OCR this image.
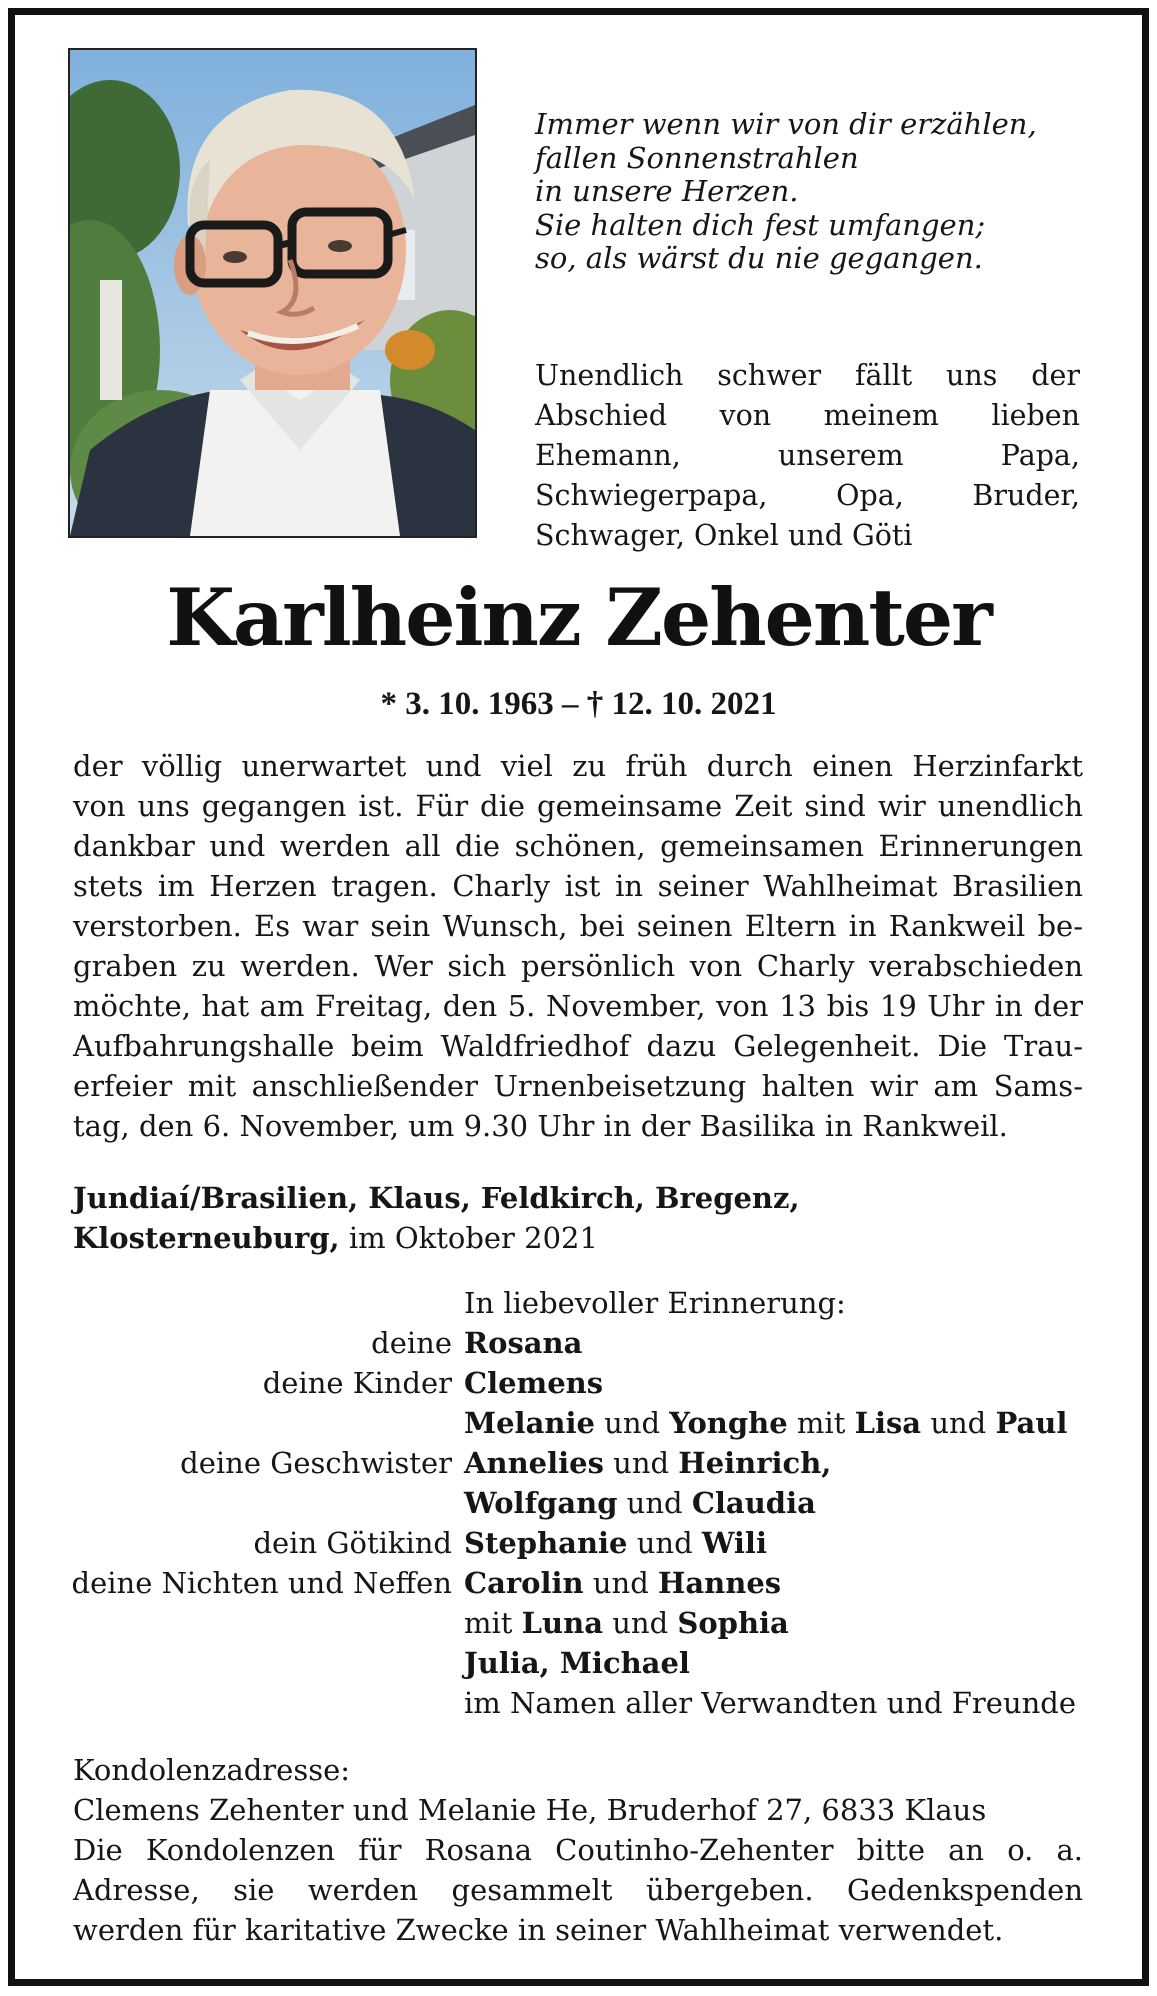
Immer wenn wir von dir erzählen,
fallen Sonnenstrahlen
in unsere Herzen.
Sie halten dich fest umfangen;
so, als wärst du nie gegangen.
Unendlich schwer fällt uns der Abschied von meinem lieben Ehemann, unserem Papa, Schwiegerpapa, Opa, Bruder, Schwager, Onkel und Göti
Karlheinz Zehenter
* 3. 10. 1963 – † 12. 10. 2021
der völlig unerwartet und viel zu früh durch einen Herzinfarkt
von uns gegangen ist. Für die gemeinsame Zeit sind wir unendlich
dankbar und werden all die schönen, gemeinsamen Erinnerungen
stets im Herzen tragen. Charly ist in seiner Wahlheimat Brasilien
verstorben. Es war sein Wunsch, bei seinen Eltern in Rankweil be-
graben zu werden. Wer sich persönlich von Charly verabschieden
möchte, hat am Freitag, den 5. November, von 13 bis 19 Uhr in der
Aufbahrungshalle beim Waldfriedhof dazu Gelegenheit. Die Trau-
erfeier mit anschließender Urnenbeisetzung halten wir am Sams-
tag, den 6. November, um 9.30 Uhr in der Basilika in Rankweil.
Jundiaí/Brasilien, Klaus, Feldkirch, Bregenz,
Klosterneuburg, im Oktober 2021
In liebevoller Erinnerung:
deine Rosana
deine Kinder Clemens
Melanie und Yonghe mit Lisa und Paul
deine Geschwister Annelies und Heinrich,
Wolfgang und Claudia
dein Götikind Stephanie und Wili
deine Nichten und Neffen Carolin und Hannes
mit Luna und Sophia
Julia, Michael
im Namen aller Verwandten und Freunde
Kondolenzadresse:
Clemens Zehenter und Melanie He, Bruderhof 27, 6833 Klaus
Die Kondolenzen für Rosana Coutinho-Zehenter bitte an o. a.
Adresse, sie werden gesammelt übergeben. Gedenkspenden
werden für karitative Zwecke in seiner Wahlheimat verwendet.
